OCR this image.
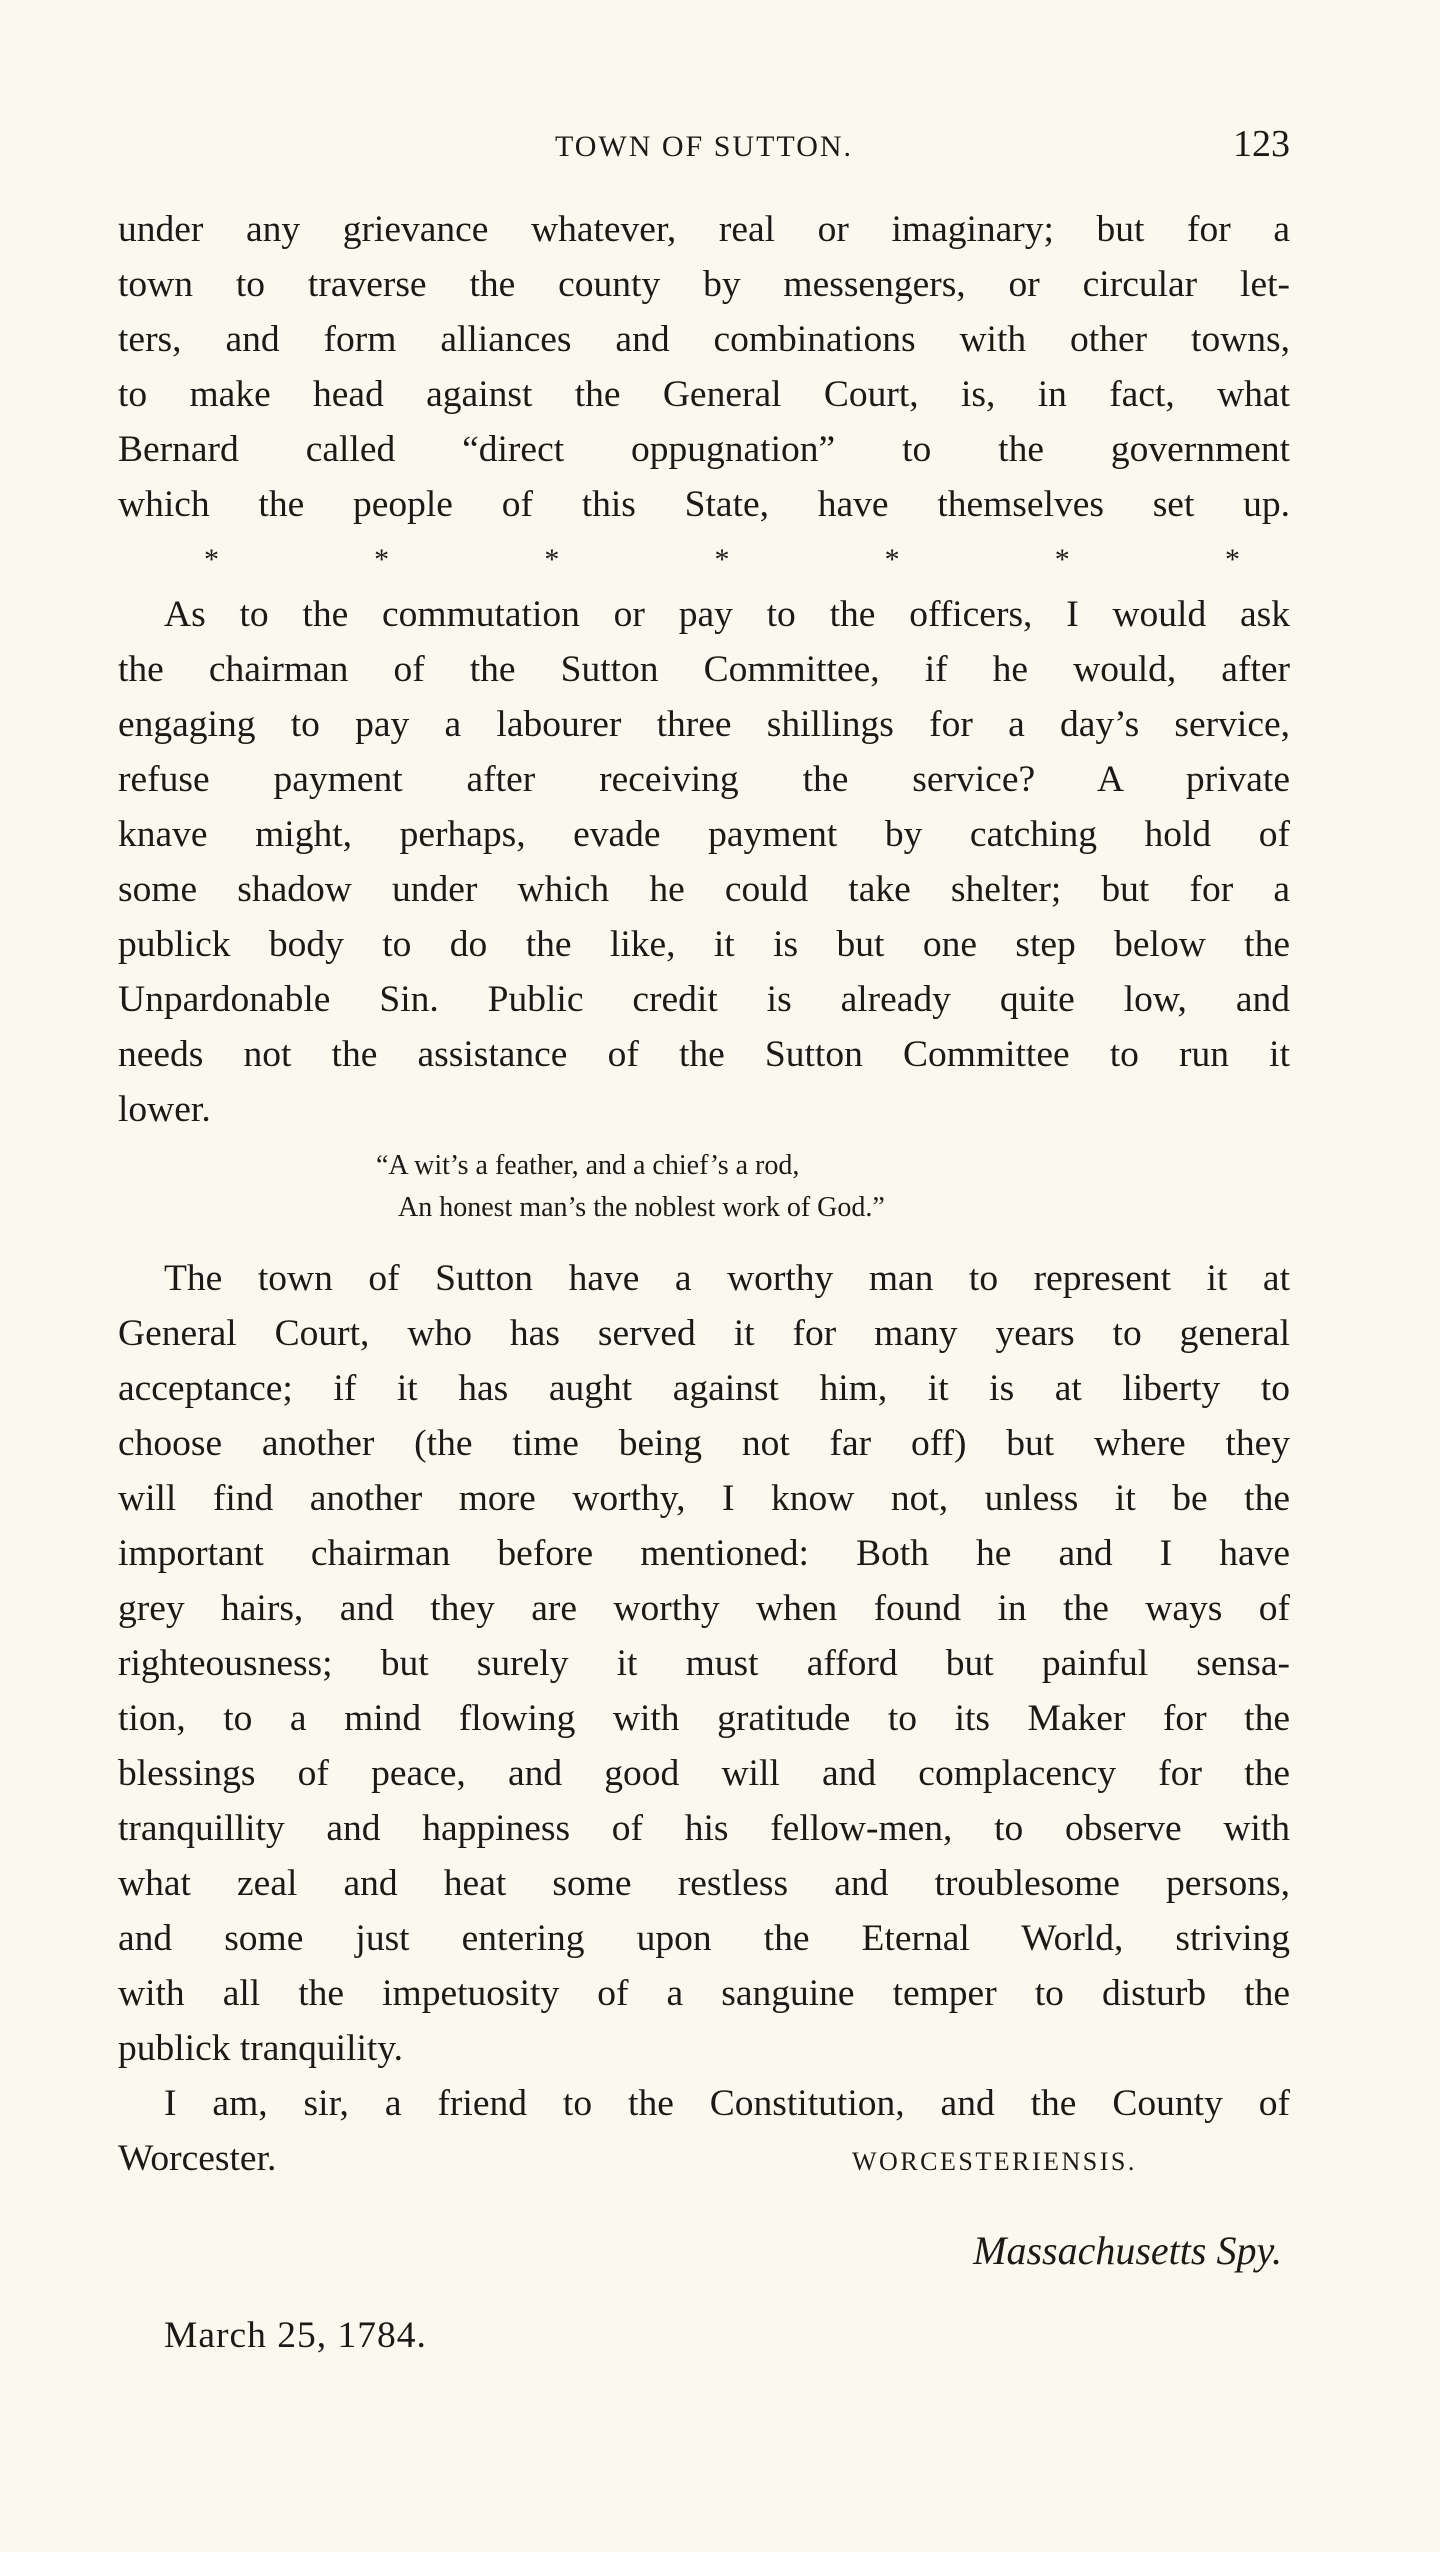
TOWN OF SUTTON.	123
under any grievance whatever, real or imaginary; but for a
town to traverse the county by messengers, or circular let-
ters, and form alliances and combinations with other towns,
to make head against the General Court, is, in fact, what
Bernard called “direct oppugnation” to the government
which the people of this State, have themselves set up.
*	*	*	*	*	*	*
As to the commutation or pay to the officers, I would ask
the chairman of the Sutton Committee, if he would, after
engaging to pay a labourer three shillings for a day’s service,
refuse payment after receiving the service? A private
knave might, perhaps, evade payment by catching hold of
some shadow under which he could take shelter; but for a
publick body to do the like, it is but one step below the
Unpardonable Sin. Public credit is already quite low, and
needs not the assistance of the Sutton Committee to run it
lower.
“A wit’s a feather, and a chief’s a rod,
An honest man’s the noblest work of God.”
The town of Sutton have a worthy man to represent it at
General Court, who has served it for many years to general
acceptance; if it has aught against him, it is at liberty to
choose another (the time being not far off) but where they
will find another more worthy, I know not, unless it be the
important chairman before mentioned: Both he and I have
grey hairs, and they are worthy when found in the ways of
righteousness; but surely it must afford but painful sensa-
tion, to a mind flowing with gratitude to its Maker for the
blessings of peace, and good will and complacency for the
tranquillity and happiness of his fellow-men, to observe with
what zeal and heat some restless and troublesome persons,
and some just entering upon the Eternal World, striving
with all the impetuosity of a sanguine temper to disturb the
publick tranquility.
I am, sir, a friend to the Constitution, and the County of
Worcester.	WORCESTERIENSIS.
Massachusetts Spy.
March 25, 1784.
